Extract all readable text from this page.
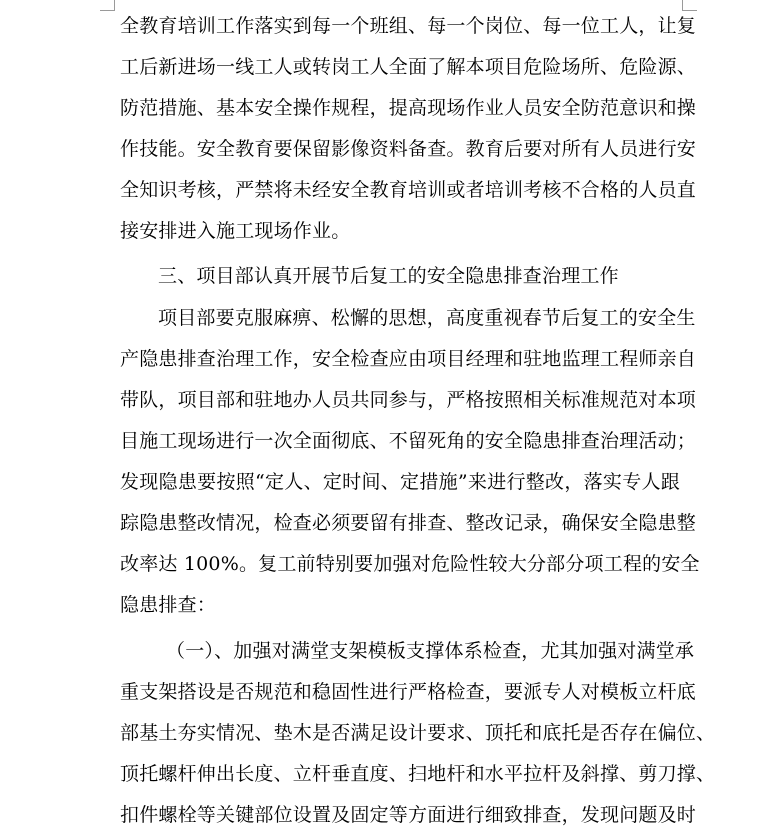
全教育培训工作落实到每一个班组、每一个岗位、每一位工人，让复
工后新进场一线工人或转岗工人全面了解本项目危险场所、危险源、
防范措施、基本安全操作规程，提高现场作业人员安全防范意识和操
作技能。安全教育要保留影像资料备查。教育后要对所有人员进行安
全知识考核，严禁将未经安全教育培训或者培训考核不合格的人员直
接安排进入施工现场作业。
三、项目部认真开展节后复工的安全隐患排查治理工作
项目部要克服麻痹、松懈的思想，高度重视春节后复工的安全生
产隐患排查治理工作，安全检查应由项目经理和驻地监理工程师亲自
带队，项目部和驻地办人员共同参与，严格按照相关标准规范对本项
目施工现场进行一次全面彻底、不留死角的安全隐患排查治理活动；
发现隐患要按照“定人、定时间、定措施”来进行整改，落实专人跟
踪隐患整改情况，检查必须要留有排查、整改记录，确保安全隐患整
改率达 100%。复工前特别要加强对危险性较大分部分项工程的安全
隐患排查：
（一）、加强对满堂支架模板支撑体系检查，尤其加强对满堂承
重支架搭设是否规范和稳固性进行严格检查，要派专人对模板立杆底
部基土夯实情况、垫木是否满足设计要求、顶托和底托是否存在偏位、
顶托螺杆伸出长度、立杆垂直度、扫地杆和水平拉杆及斜撑、剪刀撑、
扣件螺栓等关键部位设置及固定等方面进行细致排查，发现问题及时
